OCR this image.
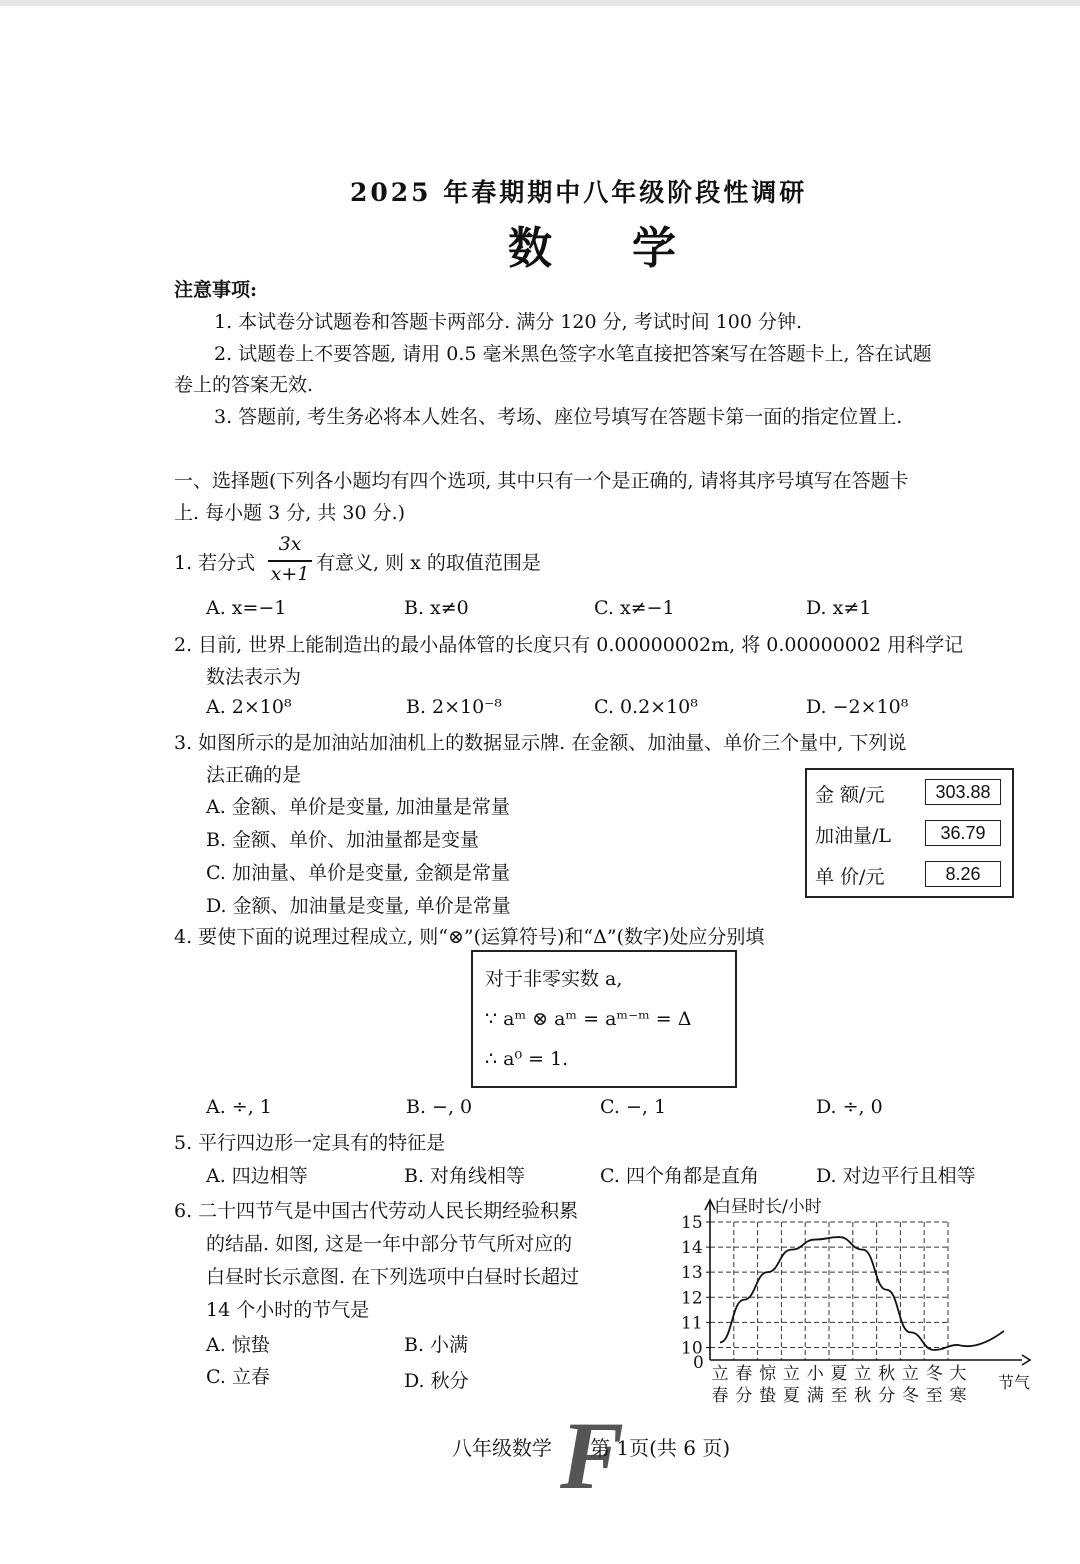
2025 年春期期中八年级阶段性调研
数学
注意事项:
1. 本试卷分试题卷和答题卡两部分. 满分 120 分, 考试时间 100 分钟.
2. 试题卷上不要答题, 请用 0.5 毫米黑色签字水笔直接把答案写在答题卡上, 答在试题
卷上的答案无效.
3. 答题前, 考生务必将本人姓名、考场、座位号填写在答题卡第一面的指定位置上.
一、选择题(下列各小题均有四个选项, 其中只有一个是正确的, 请将其序号填写在答题卡
上. 每小题 3 分, 共 30 分.)
1. 若分式
3x
x+1 有意义, 则 x 的取值范围是
A. x=−1	B. x≠0	C. x≠−1	D. x≠1
2. 目前, 世界上能制造出的最小晶体管的长度只有 0.00000002m, 将 0.00000002 用科学记
数法表示为
A. 2×10⁸	B. 2×10⁻⁸	C. 0.2×10⁸	D. −2×10⁸
3. 如图所示的是加油站加油机上的数据显示牌. 在金额、加油量、单价三个量中, 下列说
法正确的是
A. 金额、单价是变量, 加油量是常量
B. 金额、单价、加油量都是变量
C. 加油量、单价是变量, 金额是常量
D. 金额、加油量是变量, 单价是常量
金 额/元	303.88
加油量/L	36.79
单 价/元	8.26
4. 要使下面的说理过程成立, 则“⊗”(运算符号)和“Δ”(数字)处应分别填
对于非零实数 a,
∵ aᵐ ⊗ aᵐ = aᵐ⁻ᵐ = Δ
∴ a⁰ = 1.
A. ÷, 1	B. −, 0	C. −, 1	D. ÷, 0
5. 平行四边形一定具有的特征是
A. 四边相等	B. 对角线相等	C. 四个角都是直角	D. 对边平行且相等
6. 二十四节气是中国古代劳动人民长期经验积累
的结晶. 如图, 这是一年中部分节气所对应的
白昼时长示意图. 在下列选项中白昼时长超过
14 个小时的节气是
A. 惊蛰	B. 小满
C. 立春	D. 秋分
15
14
13
12
11
10
0
白昼时长/小时
节气
立
春
春
分
惊
蛰
立
夏
小
满
夏
至
立
秋
秋
分
立
冬
冬
至
大
寒
八年级数学 F
第 1页(共 6 页)
